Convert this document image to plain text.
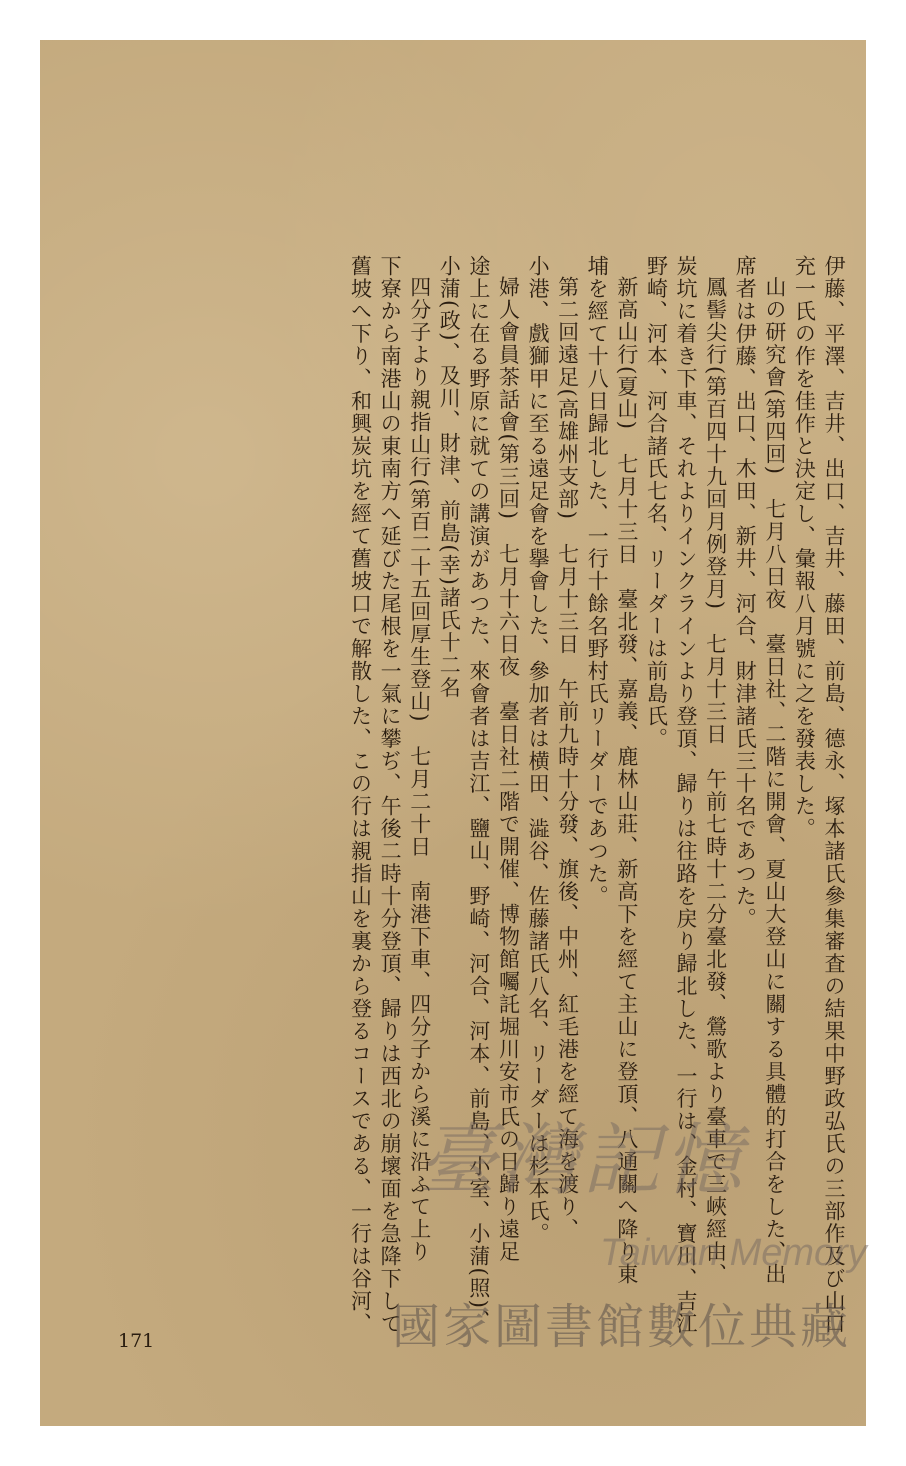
伊藤、平澤、吉井、出口、吉井、藤田、前島、德永、塚本諸氏參集審査の結果中野政弘氏の三部作及び山口

充一氏の作を佳作と決定し、彙報八月號に之を發表した。

山の研究會(第四回)　七月八日夜　臺日社、二階に開會、夏山大登山に關する具體的打合をした、出

席者は伊藤、出口、木田、新井、河合、財津諸氏三十名であつた。

鳳髻尖行(第百四十九回月例登月)　七月十三日　午前七時十二分臺北發、鶯歌より臺車で三峽經由、

炭坑に着き下車、それよりインクラインより登頂、歸りは往路を戻り歸北した、一行は、金村、寶川、吉江

野崎、河本、河合諸氏七名、リーダーは前島氏。

新高山行(夏山)　七月十三日　臺北發、嘉義、鹿林山莊、新高下を經て主山に登頂、八通關へ降り東

埔を經て十八日歸北した、一行十餘名野村氏リーダーであつた。

第二回遠足(高雄州支部)　七月十三日　午前九時十分發、旗後、中州、紅毛港を經て海を渡り、

小港、戲獅甲に至る遠足會を擧會した、參加者は横田、澁谷、佐藤諸氏八名、リーダーは杉本氏。

婦人會員茶話會(第三回)　七月十六日夜　臺日社二階で開催、博物館囑託堀川安市氏の日歸り遠足

途上に在る野原に就ての講演があつた、來會者は吉江、鹽山、野崎、河合、河本、前島、小室、小蒲(照)、

小蒲(政)、及川、財津、前島(幸)諸氏十二名

四分子より親指山行(第百二十五回厚生登山)　七月二十日　南港下車、四分子から溪に沿ふて上り

下寮から南港山の東南方へ延びた尾根を一氣に攀ぢ、午後二時十分登頂、歸りは西北の崩壞面を急降下して

舊坡へ下り、和興炭坑を經て舊坡口で解散した、この行は親指山を裏から登るコースである、一行は谷河、

171
臺灣記憶
Taiwan Memory
國家圖書館數位典藏
